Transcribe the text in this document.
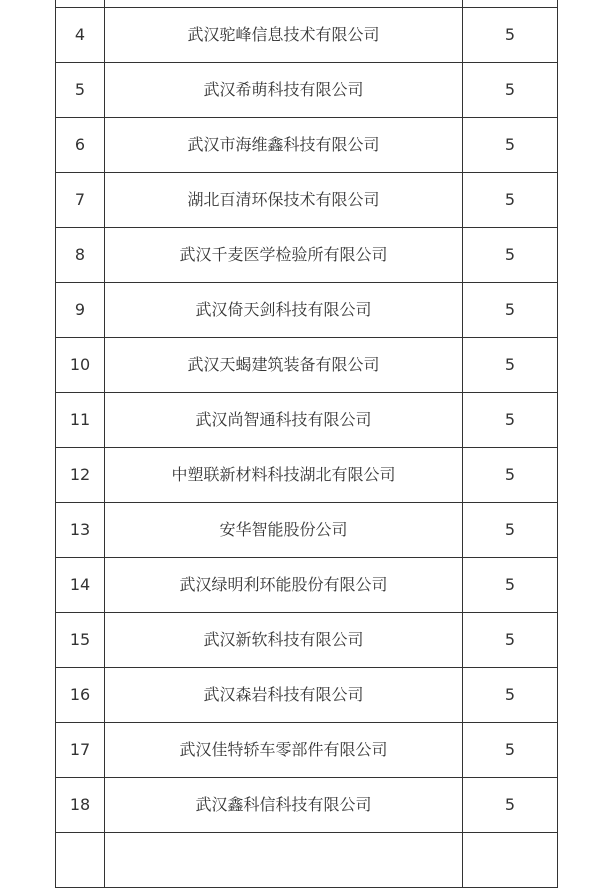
4	武汉驼峰信息技术有限公司	5
5	武汉希萌科技有限公司	5
6	武汉市海维鑫科技有限公司	5
7	湖北百清环保技术有限公司	5
8	武汉千麦医学检验所有限公司	5
9	武汉倚天剑科技有限公司	5
10	武汉天蝎建筑装备有限公司	5
11	武汉尚智通科技有限公司	5
12	中塑联新材料科技湖北有限公司	5
13	安华智能股份公司	5
14	武汉绿明利环能股份有限公司	5
15	武汉新软科技有限公司	5
16	武汉森岩科技有限公司	5
17	武汉佳特轿车零部件有限公司	5
18	武汉鑫科信科技有限公司	5
